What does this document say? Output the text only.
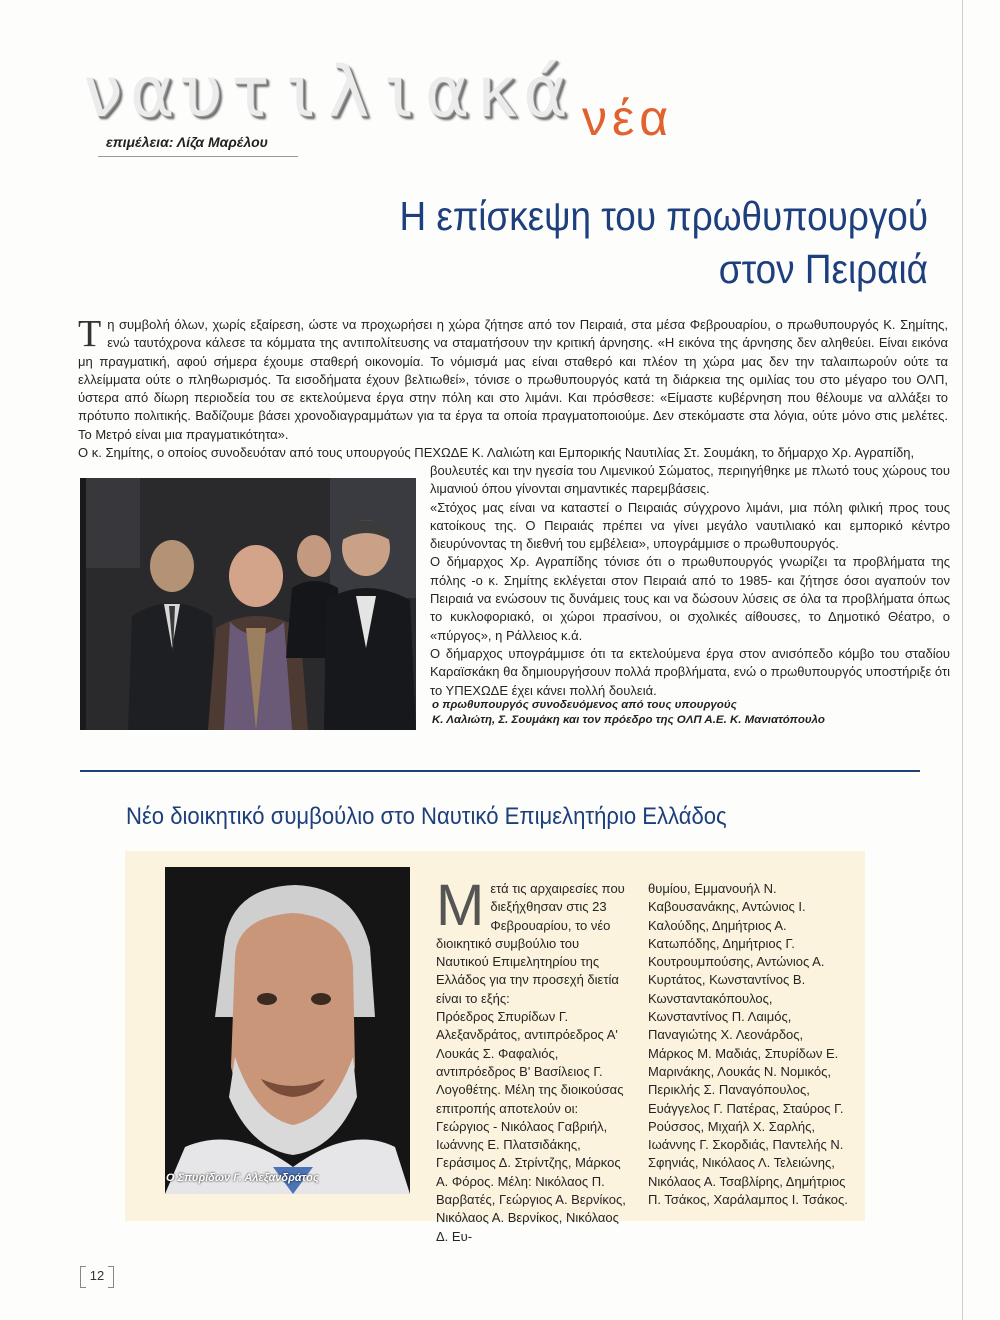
ναυτιλιακά νέα
επιμέλεια: Λίζα Μαρέλου
Η επίσκεψη του πρωθυπουργού
στον Πειραιά

Τη συμβολή όλων, χωρίς εξαίρεση, ώστε να προχωρήσει η χώρα ζήτησε από τον Πειραιά, στα μέσα Φεβρουαρίου, ο πρωθυπουργός Κ. Σημίτης, ενώ ταυτόχρονα κάλεσε τα κόμματα της αντιπολίτευσης να σταματήσουν την κριτική άρνησης. «Η εικόνα της άρνησης δεν αληθεύει. Είναι εικόνα μη πραγματική, αφού σήμερα έχουμε σταθερή οικονομία. Το νόμισμά μας είναι σταθερό και πλέον τη χώρα μας δεν την ταλαιπωρούν ούτε τα ελλείμματα ούτε ο πληθωρισμός. Τα εισοδήματα έχουν βελτιωθεί», τόνισε ο πρωθυπουργός κατά τη διάρκεια της ομιλίας του στο μέγαρο του ΟΛΠ, ύστερα από δίωρη περιοδεία του σε εκτελούμενα έργα στην πόλη και στο λιμάνι. Και πρόσθεσε: «Είμαστε κυβέρνηση που θέλουμε να αλλάξει το πρότυπο πολιτικής. Βαδίζουμε βάσει χρονοδιαγραμμάτων για τα έργα τα οποία πραγματοποιούμε. Δεν στεκόμαστε στα λόγια, ούτε μόνο στις μελέτες. Το Μετρό είναι μια πραγματικότητα».

Ο κ. Σημίτης, ο οποίος συνοδευόταν από τους υπουργούς ΠΕΧΩΔΕ Κ. Λαλιώτη και Εμπορικής Ναυτιλίας Στ. Σουμάκη, το δήμαρχο Χρ. Αγραπίδη,

βουλευτές και την ηγεσία του Λιμενικού Σώματος, περιηγήθηκε με πλωτό τους χώρους του λιμανιού όπου γίνονται σημαντικές παρεμβάσεις.

«Στόχος μας είναι να καταστεί ο Πειραιάς σύγχρονο λιμάνι, μια πόλη φιλική προς τους κατοίκους της. Ο Πειραιάς πρέπει να γίνει μεγάλο ναυτιλιακό και εμπορικό κέντρο διευρύνοντας τη διεθνή του εμβέλεια», υπογράμμισε ο πρωθυπουργός.

Ο δήμαρχος Χρ. Αγραπίδης τόνισε ότι ο πρωθυπουργός γνωρίζει τα προβλήματα της πόλης -ο κ. Σημίτης εκλέγεται στον Πειραιά από το 1985- και ζήτησε όσοι αγαπούν τον Πειραιά να ενώσουν τις δυνάμεις τους και να δώσουν λύσεις σε όλα τα προβλήματα όπως το κυκλοφοριακό, οι χώροι πρασίνου, οι σχολικές αίθουσες, το Δημοτικό Θέατρο, ο «πύργος», η Ράλλειος κ.ά.

Ο δήμαρχος υπογράμμισε ότι τα εκτελούμενα έργα στον ανισόπεδο κόμβο του σταδίου Καραϊσκάκη θα δημιουργήσουν πολλά προβλήματα, ενώ ο πρωθυπουργός υποστήριξε ότι το ΥΠΕΧΩΔΕ έχει κάνει πολλή δουλειά.

ο πρωθυπουργός συνοδευόμενος από τους υπουργούς
Κ. Λαλιώτη, Σ. Σουμάκη και τον πρόεδρο της ΟΛΠ Α.Ε. Κ. Μανιατόπουλο
Νέο διοικητικό συμβούλιο στο Ναυτικό Επιμελητήριο Ελλάδος
Ο Σπυρίδων Γ. Αλεξανδράτος

Μετά τις αρχαιρεσίες που διεξήχθησαν στις 23 Φεβρουαρίου, το νέο διοικητικό συμβούλιο του Ναυτικού Επιμελητηρίου της Ελλάδος για την προσεχή διετία είναι το εξής:

Πρόεδρος Σπυρίδων Γ. Αλεξανδράτος, αντιπρόεδρος Α' Λουκάς Σ. Φαφαλιός, αντιπρόεδρος Β' Βασίλειος Γ. Λογοθέτης. Μέλη της διοικούσας επιτροπής αποτελούν οι: Γεώργιος - Νικόλαος Γαβριήλ, Ιωάννης Ε. Πλατσιδάκης, Γεράσιμος Δ. Στρίντζης, Μάρκος Α. Φόρος. Μέλη: Νικόλαος Π. Βαρβατές, Γεώργιος Α. Βερνίκος, Νικόλαος Α. Βερνίκος, Νικόλαος Δ. Ευ-

θυμίου, Εμμανουήλ Ν. Καβουσανάκης, Αντώνιος Ι. Καλούδης, Δημήτριος Α. Κατωπόδης, Δημήτριος Γ. Κουτρουμπούσης, Αντώνιος Α. Κυρτάτος, Κωνσταντίνος Β. Κωνσταντακόπουλος, Κωνσταντίνος Π. Λαιμός, Παναγιώτης Χ. Λεονάρδος, Μάρκος Μ. Μαδιάς, Σπυρίδων Ε. Μαρινάκης, Λουκάς Ν. Νομικός, Περικλής Σ. Παναγόπουλος, Ευάγγελος Γ. Πατέρας, Σταύρος Γ. Ρούσσος, Μιχαήλ Χ. Σαρλής, Ιωάννης Γ. Σκορδιάς, Παντελής Ν. Σφηνιάς, Νικόλαος Λ. Τελειώνης, Νικόλαος Α. Τσαβλίρης, Δημήτριος Π. Τσάκος, Χαράλαμπος Ι. Τσάκος.

12
